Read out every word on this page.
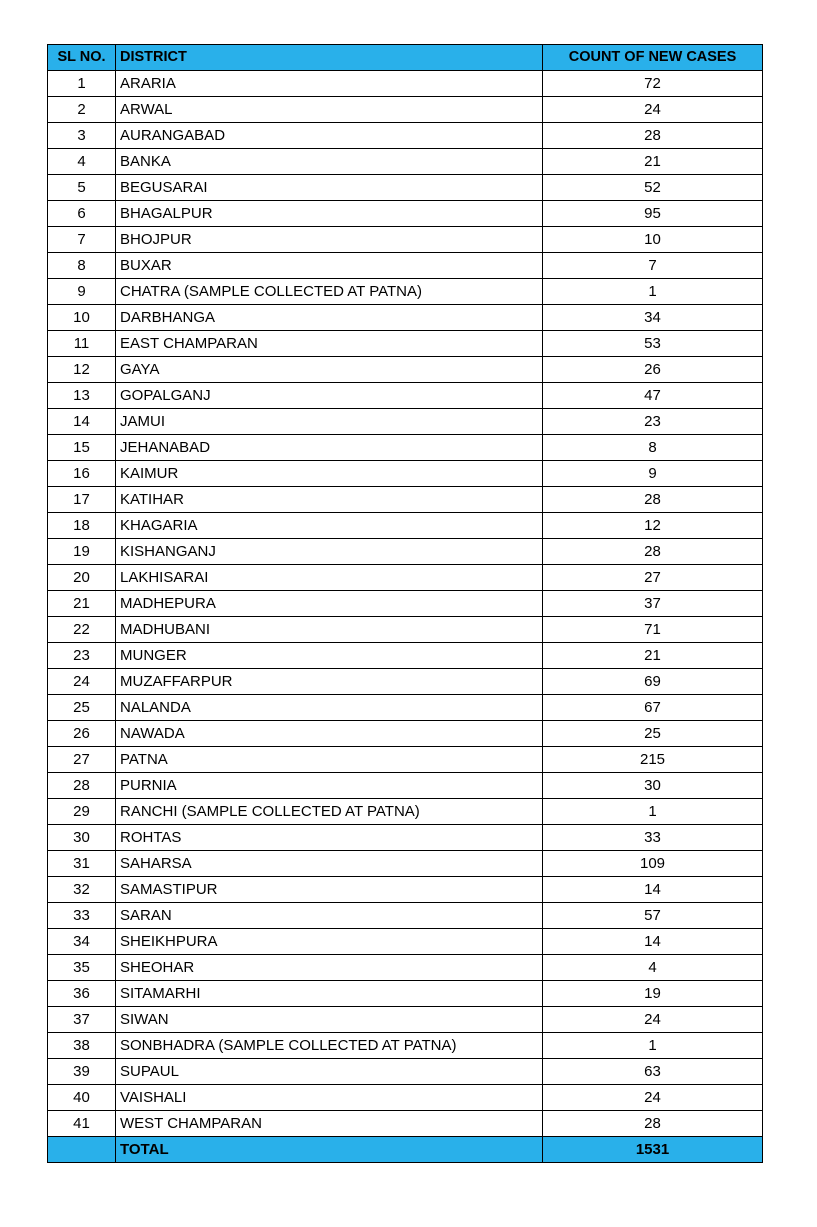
SL NO.	DISTRICT	COUNT OF NEW CASES
1	ARARIA	72
2	ARWAL	24
3	AURANGABAD	28
4	BANKA	21
5	BEGUSARAI	52
6	BHAGALPUR	95
7	BHOJPUR	10
8	BUXAR	7
9	CHATRA (SAMPLE COLLECTED AT PATNA)	1
10	DARBHANGA	34
11	EAST CHAMPARAN	53
12	GAYA	26
13	GOPALGANJ	47
14	JAMUI	23
15	JEHANABAD	8
16	KAIMUR	9
17	KATIHAR	28
18	KHAGARIA	12
19	KISHANGANJ	28
20	LAKHISARAI	27
21	MADHEPURA	37
22	MADHUBANI	71
23	MUNGER	21
24	MUZAFFARPUR	69
25	NALANDA	67
26	NAWADA	25
27	PATNA	215
28	PURNIA	30
29	RANCHI (SAMPLE COLLECTED AT PATNA)	1
30	ROHTAS	33
31	SAHARSA	109
32	SAMASTIPUR	14
33	SARAN	57
34	SHEIKHPURA	14
35	SHEOHAR	4
36	SITAMARHI	19
37	SIWAN	24
38	SONBHADRA (SAMPLE COLLECTED AT PATNA)	1
39	SUPAUL	63
40	VAISHALI	24
41	WEST CHAMPARAN	28
	TOTAL	1531
